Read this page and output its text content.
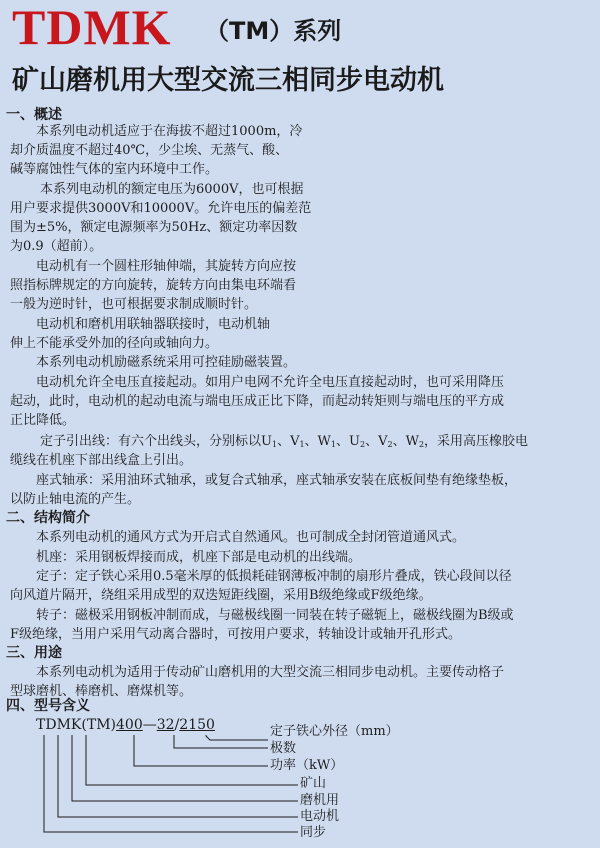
TDMK （TM）系列
矿山磨机用大型交流三相同步电动机
一、概述
本系列电动机适应于在海拔不超过1000m，冷
却介质温度不超过40℃，少尘埃、无蒸气、酸、
碱等腐蚀性气体的室内环境中工作。
本系列电动机的额定电压为6000V，也可根据
用户要求提供3000V和10000V。允许电压的偏差范
围为±5%，额定电源频率为50Hz、额定功率因数
为0.9（超前）。
电动机有一个圆柱形轴伸端，其旋转方向应按
照指标牌规定的方向旋转，旋转方向由集电环端看
一般为逆时针，也可根据要求制成顺时针。
电动机和磨机用联轴器联接时，电动机轴
伸上不能承受外加的径向或轴向力。
本系列电动机励磁系统采用可控硅励磁装置。
电动机允许全电压直接起动。如用户电网不允许全电压直接起动时，也可采用降压
起动，此时，电动机的起动电流与端电压成正比下降，而起动转矩则与端电压的平方成
正比降低。
定子引出线：有六个出线头，分别标以$U_1$、$V_1$、$W_1$、$U_2$、$V_2$、$W_2$，采用高压橡胶电
缆线在机座下部出线盒上引出。
座式轴承：采用油环式轴承，或复合式轴承，座式轴承安装在底板间垫有绝缘垫板，
以防止轴电流的产生。
二、结构简介
本系列电动机的通风方式为开启式自然通风。也可制成全封闭管道通风式。
机座：采用钢板焊接而成，机座下部是电动机的出线端。
定子：定子铁心采用0.5毫米厚的低损耗硅钢薄板冲制的扇形片叠成，铁心段间以径
向风道片隔开，绕组采用成型的双迭短距线圈，采用B级绝缘或F级绝缘。
转子：磁极采用钢板冲制而成，与磁极线圈一同装在转子磁轭上，磁极线圈为B级或
F级绝缘，当用户采用气动离合器时，可按用户要求，转轴设计或轴开孔形式。
三、用途
本系列电动机为适用于传动矿山磨机用的大型交流三相同步电动机。主要传动格子
型球磨机、棒磨机、磨煤机等。
四、型号含义
TDMK(TM)400—32/2150	定子铁心外径（mm）
极数
功率（kW）
矿山
磨机用
电动机
同步
